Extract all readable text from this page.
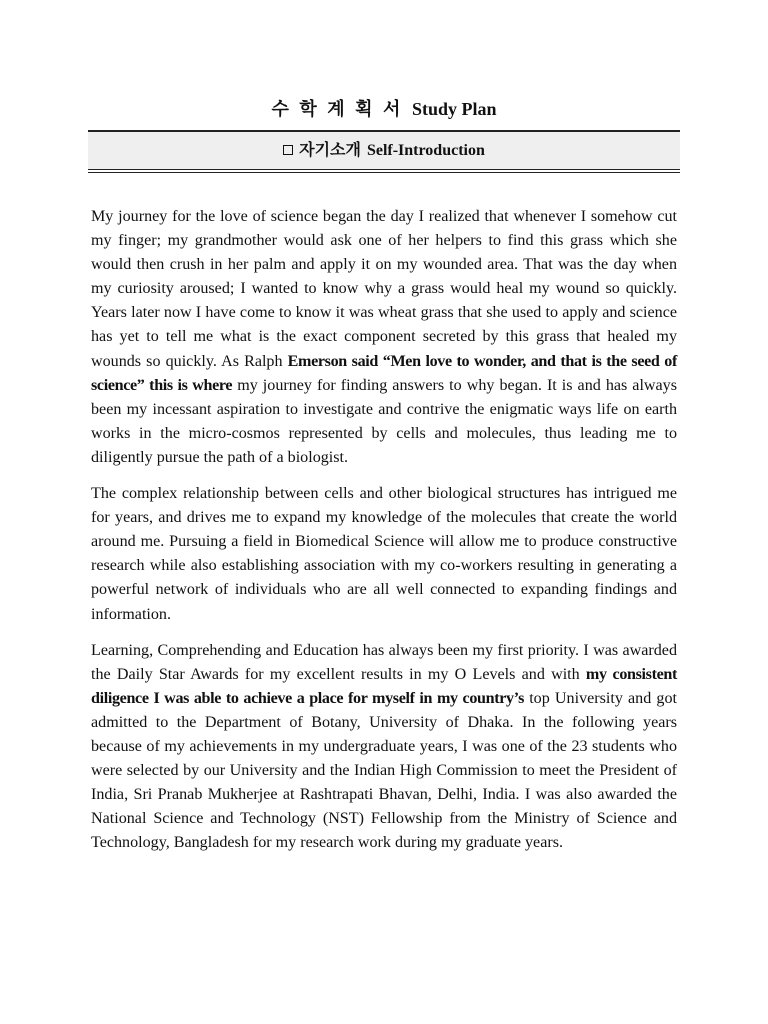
수 학 계 획 서 Study Plan
자기소개 Self-Introduction

My journey for the love of science began the day I realized that whenever I somehow cut my finger; my grandmother would ask one of her helpers to find this grass which she would then crush in her palm and apply it on my wounded area. That was the day when my curiosity aroused; I wanted to know why a grass would heal my wound so quickly. Years later now I have come to know it was wheat grass that she used to apply and science has yet to tell me what is the exact component secreted by this grass that healed my wounds so quickly. As Ralph Emerson said “Men love to wonder, and that is the seed of science” this is where my journey for finding answers to why began. It is and has always been my incessant aspiration to investigate and contrive the enigmatic ways life on earth works in the micro-cosmos represented by cells and molecules, thus leading me to diligently pursue the path of a biologist.

The complex relationship between cells and other biological structures has intrigued me for years, and drives me to expand my knowledge of the molecules that create the world around me. Pursuing a field in Biomedical Science will allow me to produce constructive research while also establishing association with my co-workers resulting in generating a powerful network of individuals who are all well connected to expanding findings and information.

Learning, Comprehending and Education has always been my first priority. I was awarded the Daily Star Awards for my excellent results in my O Levels and with my consistent diligence I was able to achieve a place for myself in my country’s top University and got admitted to the Department of Botany, University of Dhaka. In the following years because of my achievements in my undergraduate years, I was one of the 23 students who were selected by our University and the Indian High Commission to meet the President of India, Sri Pranab Mukherjee at Rashtrapati Bhavan, Delhi, India. I was also awarded the National Science and Technology (NST) Fellowship from the Ministry of Science and Technology, Bangladesh for my research work during my graduate years.
